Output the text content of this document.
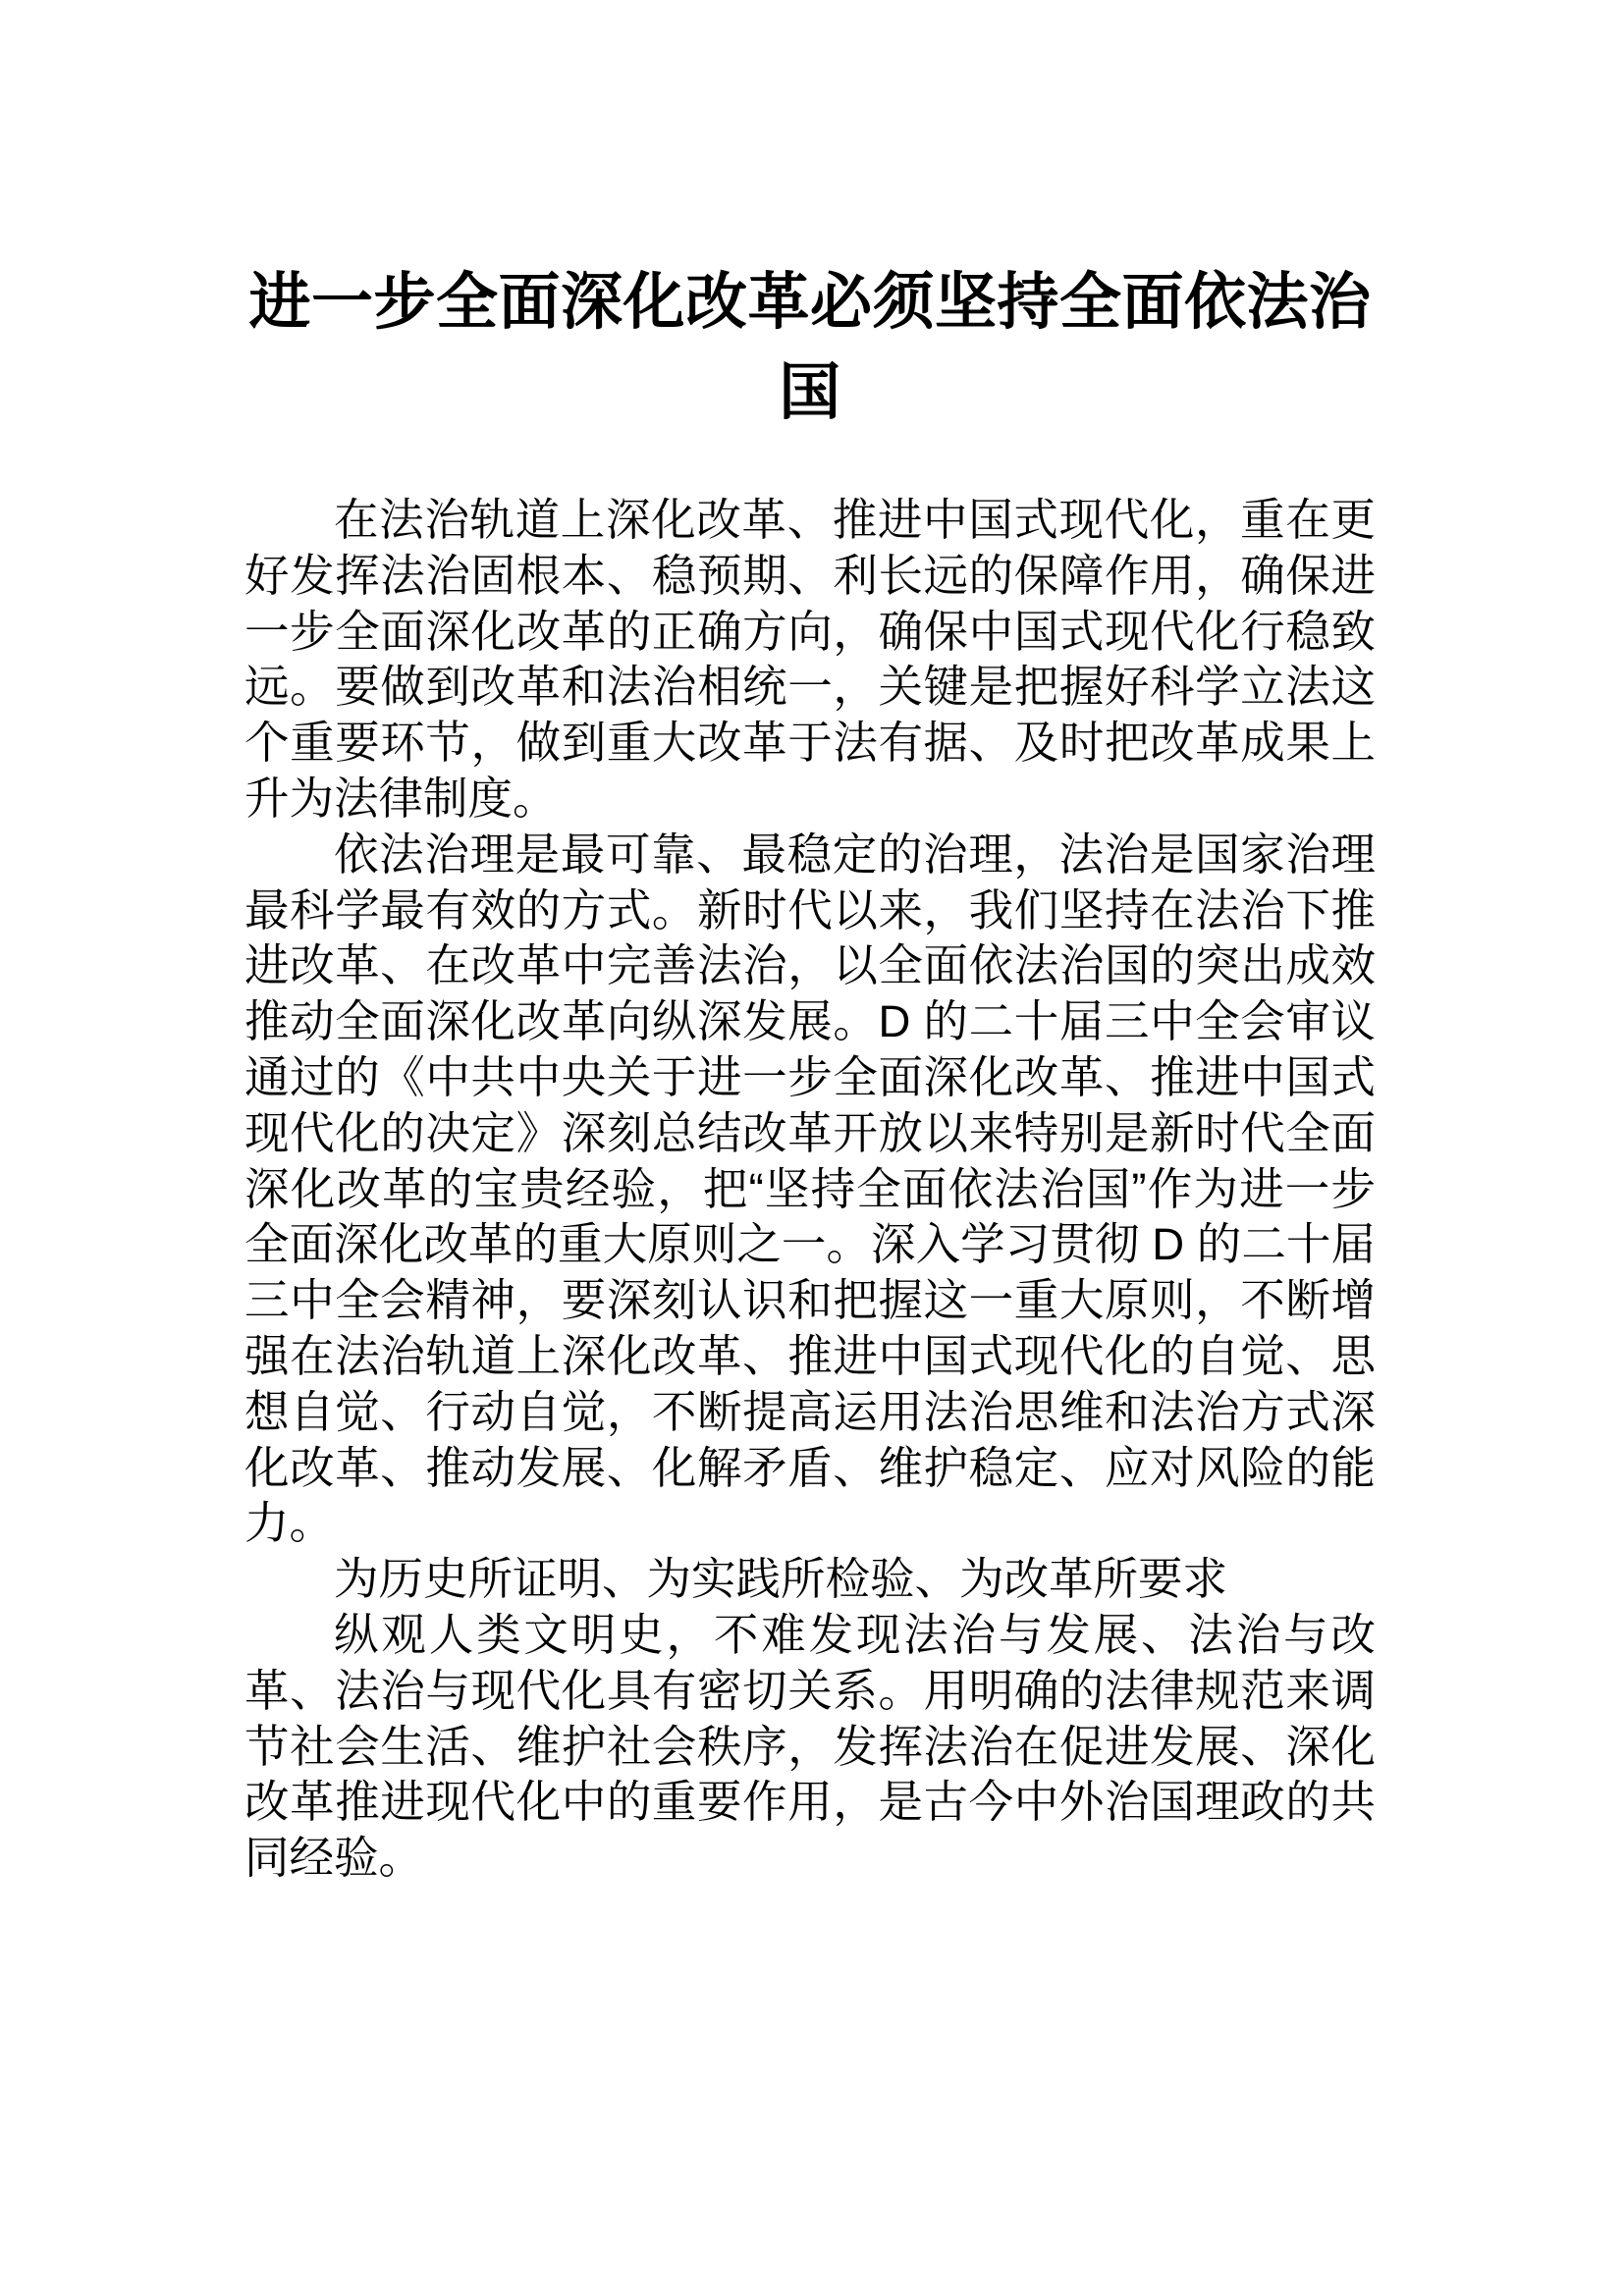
进一步全面深化改革必须坚持全面依法治国

在法治轨道上深化改革、推进中国式现代化，重在更好发挥法治固根本、稳预期、利长远的保障作用，确保进一步全面深化改革的正确方向，确保中国式现代化行稳致远。要做到改革和法治相统一，关键是把握好科学立法这个重要环节，做到重大改革于法有据、及时把改革成果上升为法律制度。

依法治理是最可靠、最稳定的治理，法治是国家治理最科学最有效的方式。新时代以来，我们坚持在法治下推进改革、在改革中完善法治，以全面依法治国的突出成效推动全面深化改革向纵深发展。D 的二十届三中全会审议通过的《中共中央关于进一步全面深化改革、推进中国式现代化的决定》深刻总结改革开放以来特别是新时代全面深化改革的宝贵经验，把“坚持全面依法治国”作为进一步全面深化改革的重大原则之一。深入学习贯彻 D 的二十届三中全会精神，要深刻认识和把握这一重大原则，不断增强在法治轨道上深化改革、推进中国式现代化的自觉、思想自觉、行动自觉，不断提高运用法治思维和法治方式深化改革、推动发展、化解矛盾、维护稳定、应对风险的能力。

为历史所证明、为实践所检验、为改革所要求

纵观人类文明史，不难发现法治与发展、法治与改革、法治与现代化具有密切关系。用明确的法律规范来调节社会生活、维护社会秩序，发挥法治在促进发展、深化改革推进现代化中的重要作用，是古今中外治国理政的共同经验。
